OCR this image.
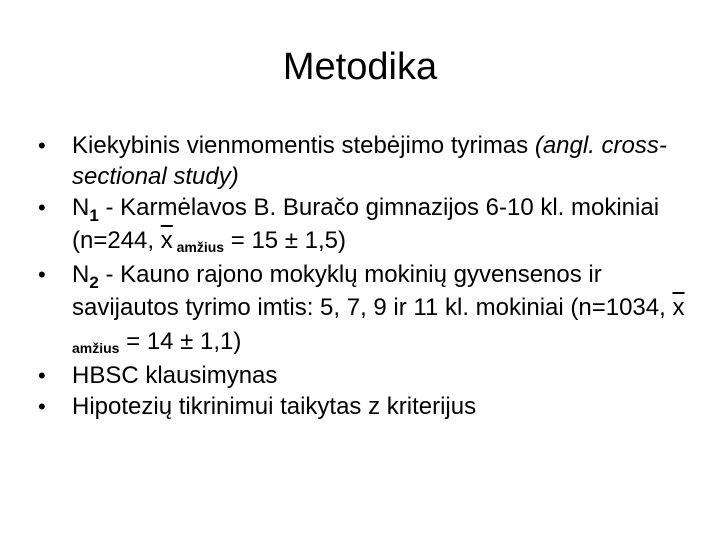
Metodika
•	Kiekybinis vienmomentis stebėjimo tyrimas (angl. cross-sectional study)
•	$N_1$ - Karmėlavos B. Buračo gimnazijos 6-10 kl. mokiniai (n=244, $\overline{x}$ amžius = 15 ± 1,5)
•	$N_2$ - Kauno rajono mokyklų mokinių gyvensenos ir savijautos tyrimo imtis: 5, 7, 9 ir 11 kl. mokiniai (n=1034, $\overline{x}$ amžius = 14 ± 1,1)
•	HBSC klausimynas
•	Hipotezių tikrinimui taikytas z kriterijus
